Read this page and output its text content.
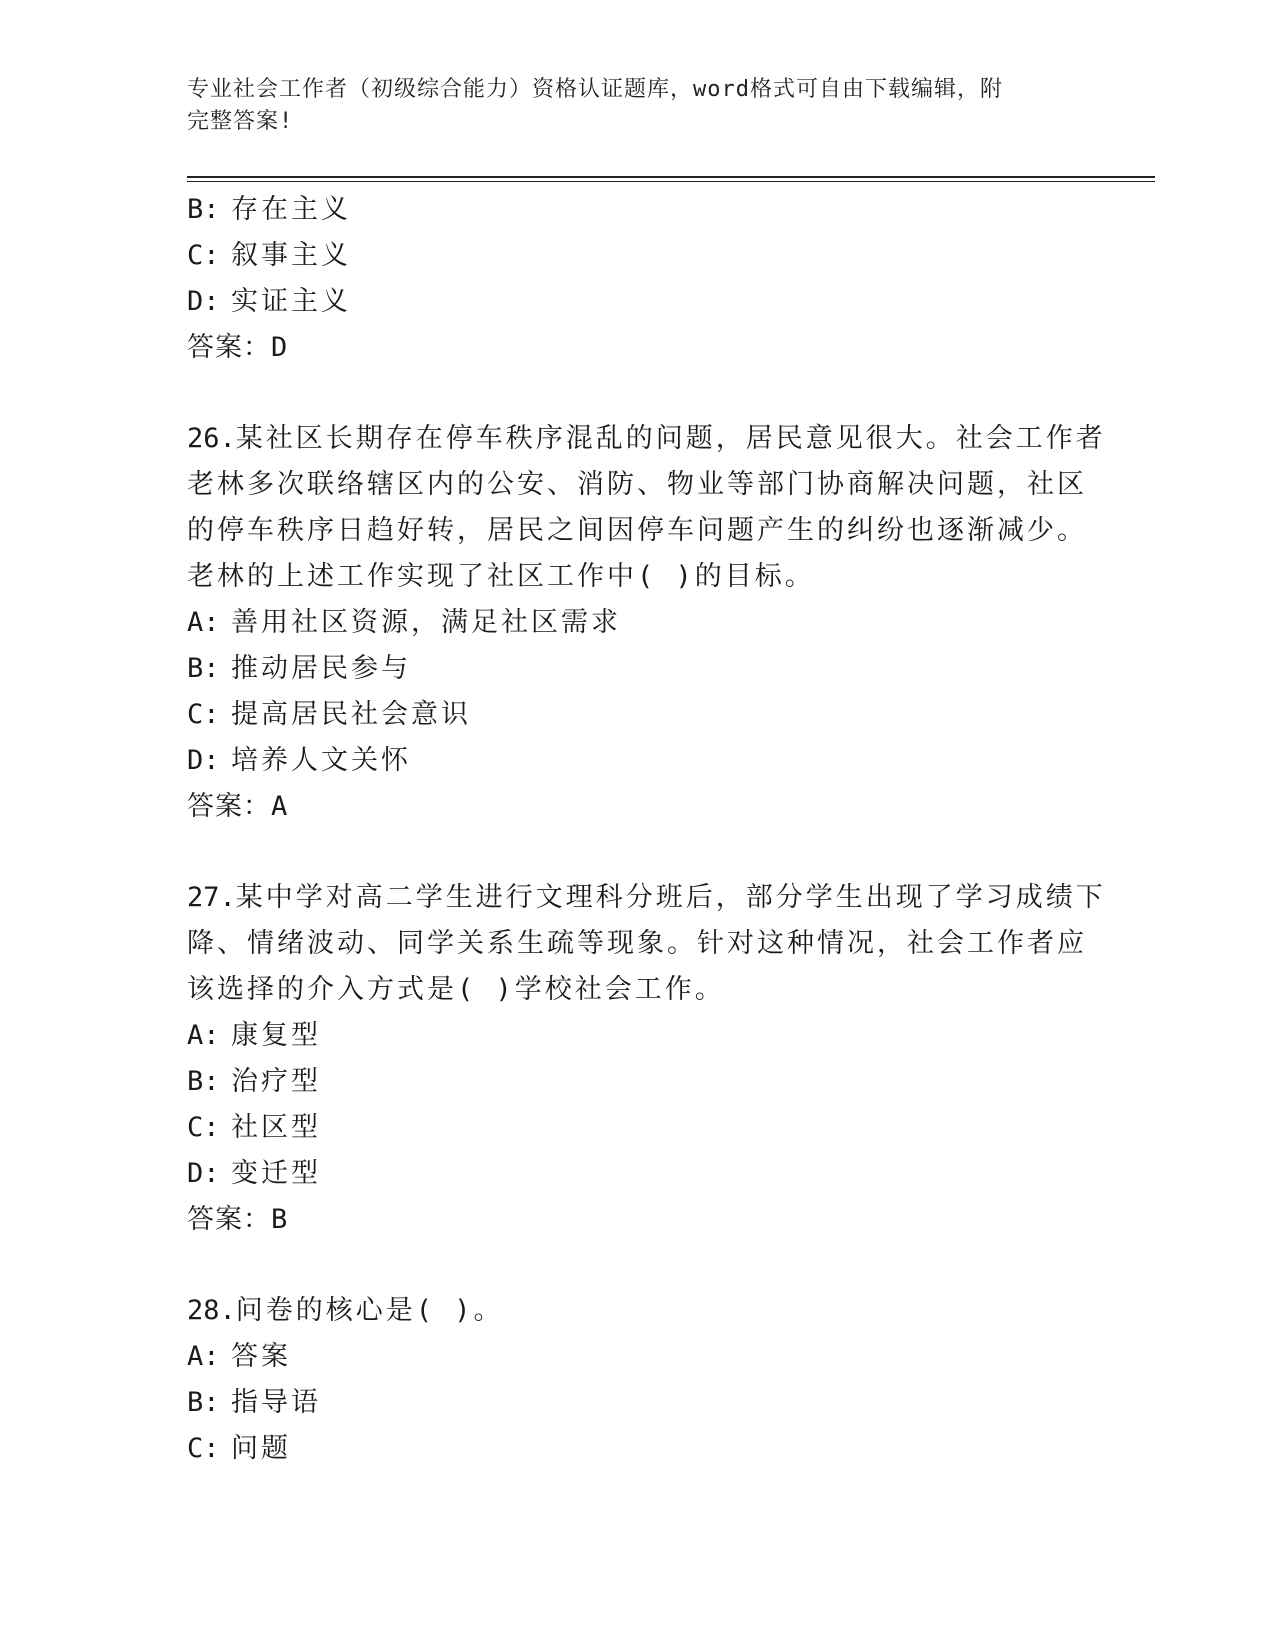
专业社会工作者（初级综合能力）资格认证题库，word格式可自由下载编辑，附
完整答案!
B: 存在主义
C: 叙事主义
D: 实证主义
答案：D
26.某社区长期存在停车秩序混乱的问题，居民意见很大。社会工作者
老林多次联络辖区内的公安、消防、物业等部门协商解决问题，社区
的停车秩序日趋好转，居民之间因停车问题产生的纠纷也逐渐减少。
老林的上述工作实现了社区工作中( )的目标。
A: 善用社区资源，满足社区需求
B: 推动居民参与
C: 提高居民社会意识
D: 培养人文关怀
答案：A
27.某中学对高二学生进行文理科分班后，部分学生出现了学习成绩下
降、情绪波动、同学关系生疏等现象。针对这种情况，社会工作者应
该选择的介入方式是( )学校社会工作。
A: 康复型
B: 治疗型
C: 社区型
D: 变迁型
答案：B
28.问卷的核心是( )。
A: 答案
B: 指导语
C: 问题
